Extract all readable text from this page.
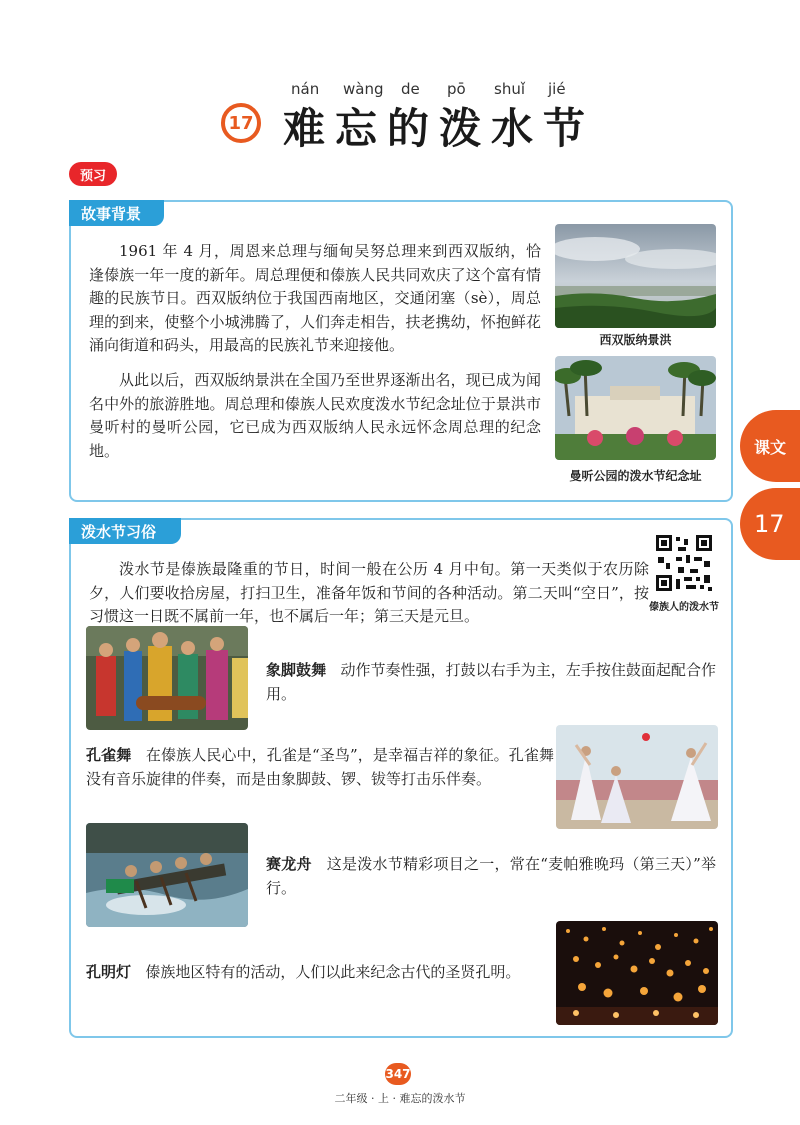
nán wàng de pō shuǐ jié
17 难忘的泼水节
预习
故事背景
1961 年 4 月，周恩来总理与缅甸吴努总理来到西双版纳，恰逢傣族一年一度的新年。周总理便和傣族人民共同欢庆了这个富有情趣的民族节日。西双版纳位于我国西南地区，交通闭塞（sè），周总理的到来，使整个小城沸腾了，人们奔走相告，扶老携幼，怀抱鲜花涌向街道和码头，用最高的民族礼节来迎接他。
从此以后，西双版纳景洪在全国乃至世界逐渐出名，现已成为闻名中外的旅游胜地。周总理和傣族人民欢度泼水节纪念址位于景洪市曼听村的曼听公园，它已成为西双版纳人民永远怀念周总理的纪念地。
西双版纳景洪
曼听公园的泼水节纪念址
课文
17
泼水节习俗
泼水节是傣族最隆重的节日，时间一般在公历 4 月中旬。第一天类似于农历除夕，人们要收拾房屋，打扫卫生，准备年饭和节间的各种活动。第二天叫“空日”，按习惯这一日既不属前一年，也不属后一年；第三天是元旦。	傣族人的泼水节
象脚鼓舞 动作节奏性强，打鼓以右手为主，左手按住鼓面起配合作用。
孔雀舞 在傣族人民心中，孔雀是“圣鸟”，是幸福吉祥的象征。孔雀舞没有音乐旋律的伴奏，而是由象脚鼓、锣、钹等打击乐伴奏。
赛龙舟 这是泼水节精彩项目之一，常在“麦帕雅晚玛（第三天）”举行。
孔明灯 傣族地区特有的活动，人们以此来纪念古代的圣贤孔明。
347
二年级 · 上 · 难忘的泼水节
